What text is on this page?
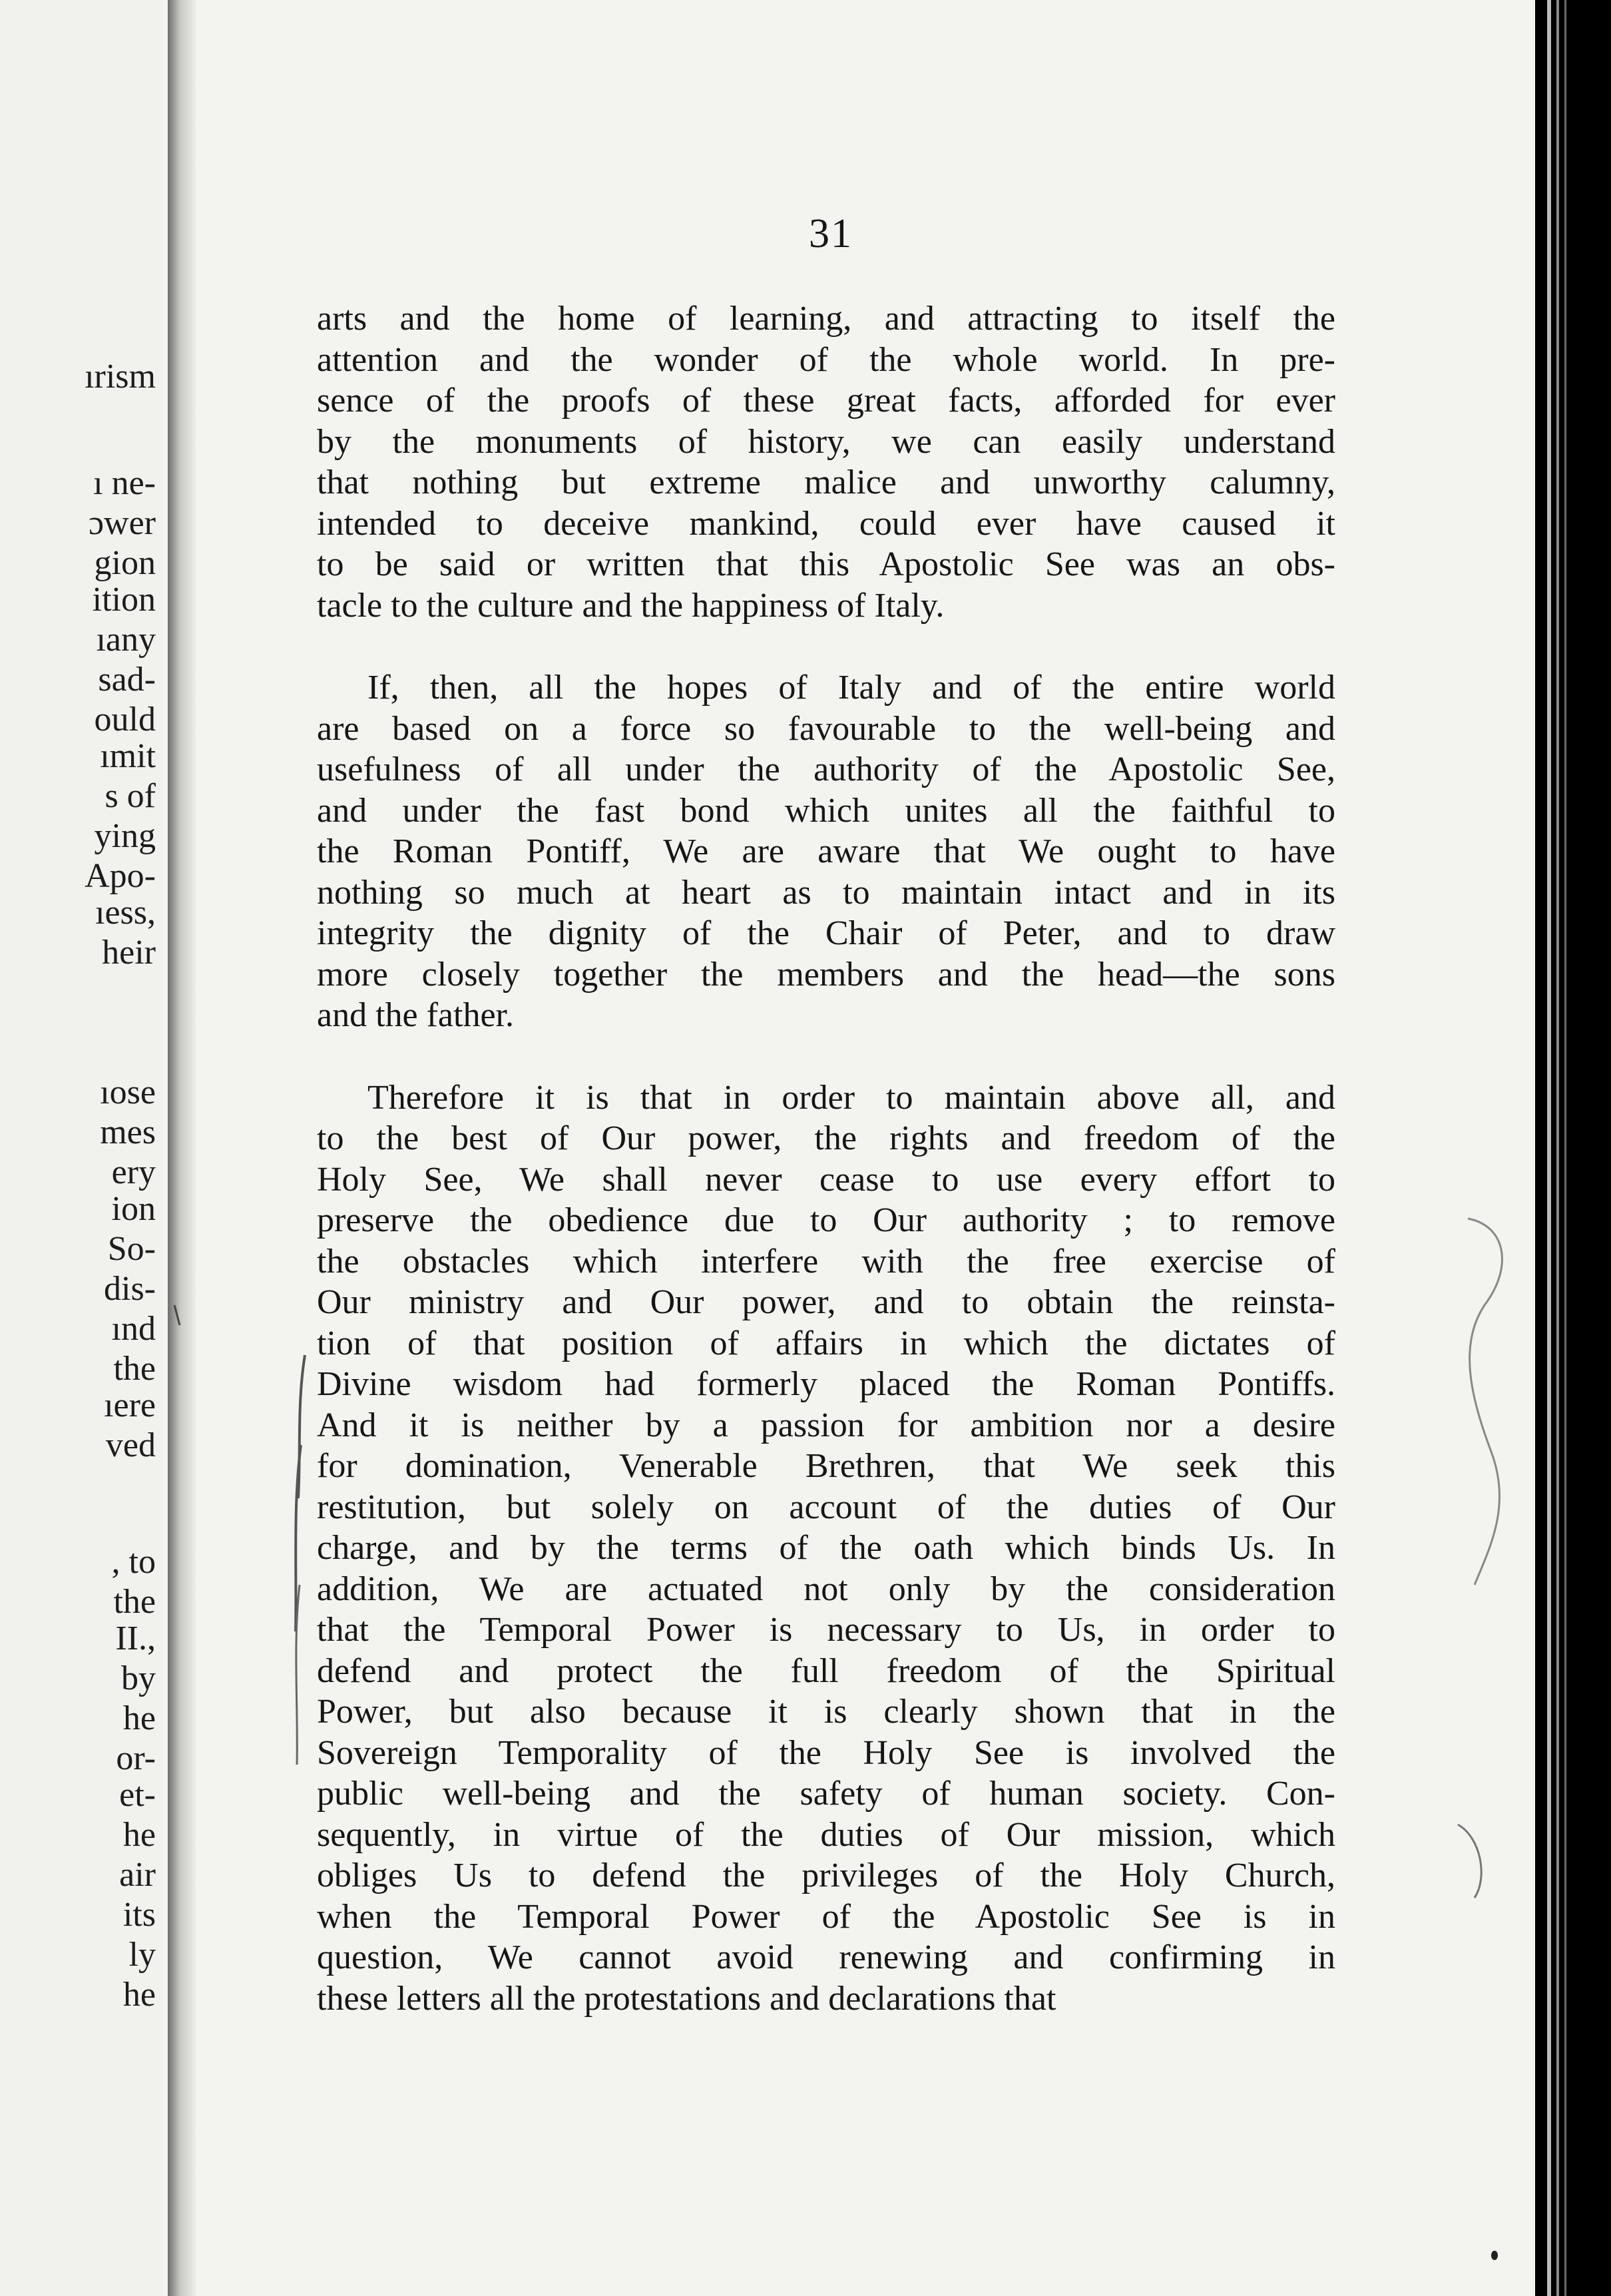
ırism
ı ne-
ɔwer
gion
ition
ıany
sad-
ould
ımit
s of
ying
Apo-
ıess,
heir
ıose
mes
ery
ion
So-
dis-
ınd
the
ıere
ved
, to
the
II.,
by
he
or-
et-
he
air
its
ly
he
31
arts and the home of learning, and attracting to itself the
attention and the wonder of the whole world. In pre-
sence of the proofs of these great facts, afforded for ever
by the monuments of history, we can easily understand
that nothing but extreme malice and unworthy calumny,
intended to deceive mankind, could ever have caused it
to be said or written that this Apostolic See was an obs-
tacle to the culture and the happiness of Italy.
If, then, all the hopes of Italy and of the entire world
are based on a force so favourable to the well-being and
usefulness of all under the authority of the Apostolic See,
and under the fast bond which unites all the faithful to
the Roman Pontiff, We are aware that We ought to have
nothing so much at heart as to maintain intact and in its
integrity the dignity of the Chair of Peter, and to draw
more closely together the members and the head—the sons
and the father.
Therefore it is that in order to maintain above all, and
to the best of Our power, the rights and freedom of the
Holy See, We shall never cease to use every effort to
preserve the obedience due to Our authority ; to remove
the obstacles which interfere with the free exercise of
Our ministry and Our power, and to obtain the reinsta-
tion of that position of affairs in which the dictates of
Divine wisdom had formerly placed the Roman Pontiffs.
And it is neither by a passion for ambition nor a desire
for domination, Venerable Brethren, that We seek this
restitution, but solely on account of the duties of Our
charge, and by the terms of the oath which binds Us. In
addition, We are actuated not only by the consideration
that the Temporal Power is necessary to Us, in order to
defend and protect the full freedom of the Spiritual
Power, but also because it is clearly shown that in the
Sovereign Temporality of the Holy See is involved the
public well-being and the safety of human society. Con-
sequently, in virtue of the duties of Our mission, which
obliges Us to defend the privileges of the Holy Church,
when the Temporal Power of the Apostolic See is in
question, We cannot avoid renewing and confirming in
these letters all the protestations and declarations that
